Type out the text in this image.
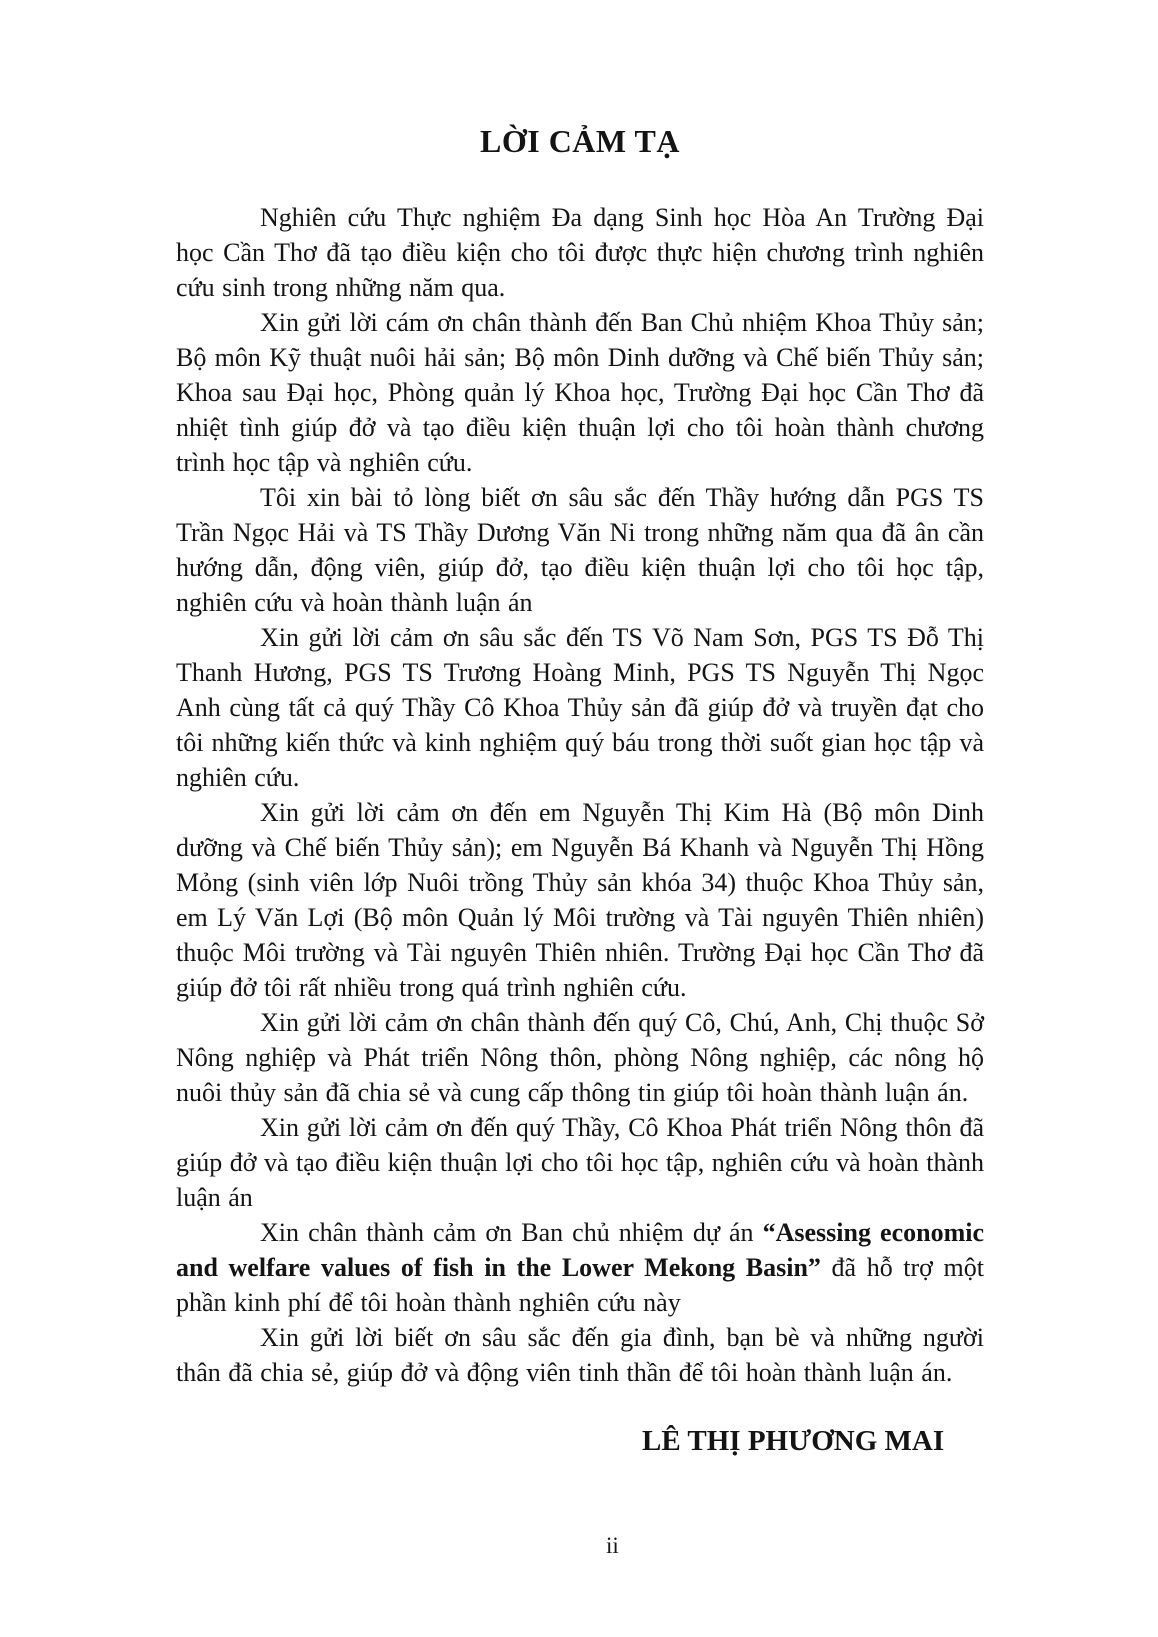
LỜI CẢM TẠ

Nghiên cứu Thực nghiệm Đa dạng Sinh học Hòa An Trường Đại học Cần Thơ đã tạo điều kiện cho tôi được thực hiện chương trình nghiên cứu sinh trong những năm qua.

Xin gửi lời cám ơn chân thành đến Ban Chủ nhiệm Khoa Thủy sản; Bộ môn Kỹ thuật nuôi hải sản; Bộ môn Dinh dưỡng và Chế biến Thủy sản; Khoa sau Đại học, Phòng quản lý Khoa học, Trường Đại học Cần Thơ đã nhiệt tình giúp đở và tạo điều kiện thuận lợi cho tôi hoàn thành chương trình học tập và nghiên cứu.

Tôi xin bài tỏ lòng biết ơn sâu sắc đến Thầy hướng dẫn PGS TS Trần Ngọc Hải và TS Thầy Dương Văn Ni trong những năm qua đã ân cần hướng dẫn, động viên, giúp đở, tạo điều kiện thuận lợi cho tôi học tập, nghiên cứu và hoàn thành luận án

Xin gửi lời cảm ơn sâu sắc đến TS Võ Nam Sơn, PGS TS Đỗ Thị Thanh Hương, PGS TS Trương Hoàng Minh, PGS TS Nguyễn Thị Ngọc Anh cùng tất cả quý Thầy Cô Khoa Thủy sản đã giúp đở và truyền đạt cho tôi những kiến thức và kinh nghiệm quý báu trong thời suốt gian học tập và nghiên cứu.

Xin gửi lời cảm ơn đến em Nguyễn Thị Kim Hà (Bộ môn Dinh dưỡng và Chế biến Thủy sản); em Nguyễn Bá Khanh và Nguyễn Thị Hồng Mỏng (sinh viên lớp Nuôi trồng Thủy sản khóa 34) thuộc Khoa Thủy sản, em Lý Văn Lợi (Bộ môn Quản lý Môi trường và Tài nguyên Thiên nhiên) thuộc Môi trường và Tài nguyên Thiên nhiên. Trường Đại học Cần Thơ đã giúp đở tôi rất nhiều trong quá trình nghiên cứu.

Xin gửi lời cảm ơn chân thành đến quý Cô, Chú, Anh, Chị thuộc Sở Nông nghiệp và Phát triển Nông thôn, phòng Nông nghiệp, các nông hộ nuôi thủy sản đã chia sẻ và cung cấp thông tin giúp tôi hoàn thành luận án.

Xin gửi lời cảm ơn đến quý Thầy, Cô Khoa Phát triển Nông thôn đã giúp đở và tạo điều kiện thuận lợi cho tôi học tập, nghiên cứu và hoàn thành luận án

Xin chân thành cảm ơn Ban chủ nhiệm dự án “Asessing economic and welfare values of fish in the Lower Mekong Basin” đã hỗ trợ một phần kinh phí để tôi hoàn thành nghiên cứu này

Xin gửi lời biết ơn sâu sắc đến gia đình, bạn bè và những người thân đã chia sẻ, giúp đở và động viên tinh thần để tôi hoàn thành luận án.

LÊ THỊ PHƯƠNG MAI
ii
